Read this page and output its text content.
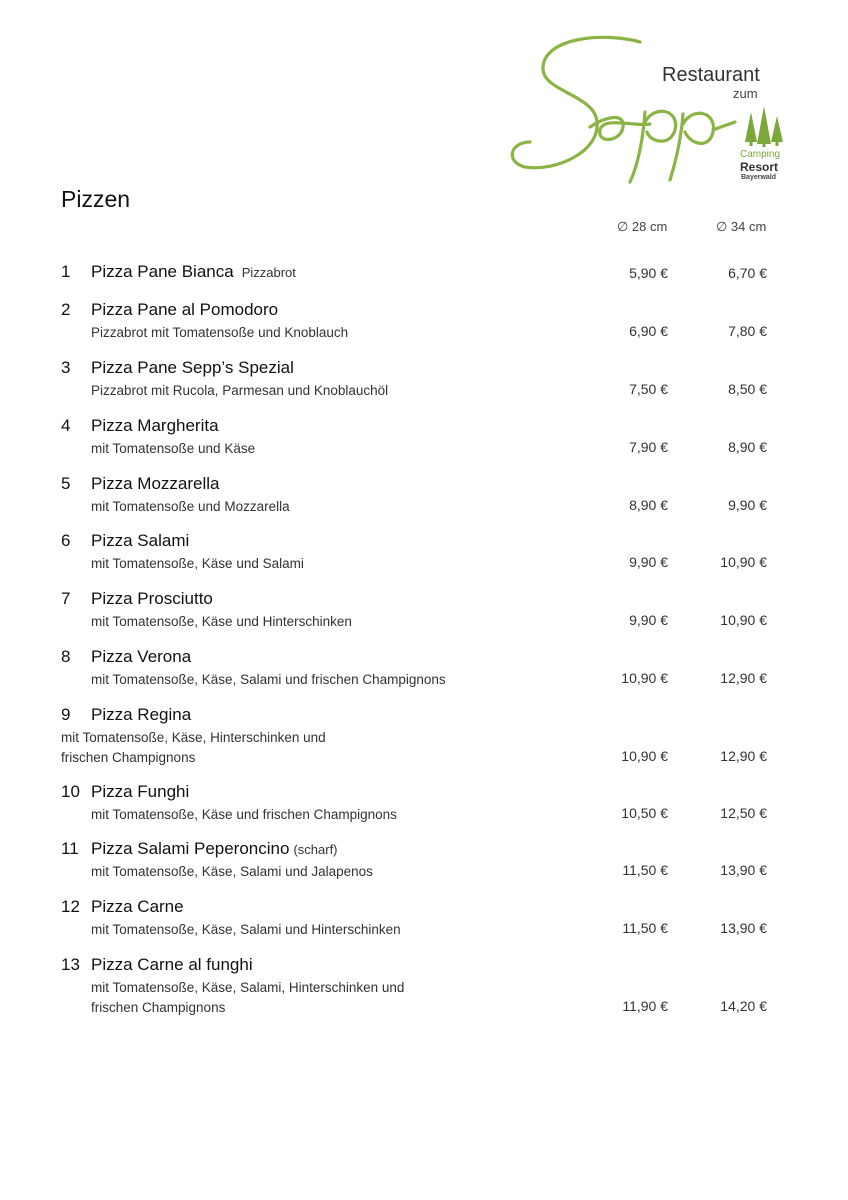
Restaurant
zum
Camping
Resort
Bayerwald
Pizzen
∅ 28 cm	∅ 34 cm
1 Pizza Pane Bianca Pizzabrot	5,90 €	6,70 €
2 Pizza Pane al Pomodoro
Pizzabrot mit Tomatensoße und Knoblauch	6,90 €	7,80 €
3 Pizza Pane Sepp’s Spezial
Pizzabrot mit Rucola, Parmesan und Knoblauchöl	7,50 €	8,50 €
4 Pizza Margherita
mit Tomatensoße und Käse	7,90 €	8,90 €
5 Pizza Mozzarella
mit Tomatensoße und Mozzarella	8,90 €	9,90 €
6 Pizza Salami
mit Tomatensoße, Käse und Salami	9,90 €	10,90 €
7 Pizza Prosciutto
mit Tomatensoße, Käse und Hinterschinken	9,90 €	10,90 €
8 Pizza Verona
mit Tomatensoße, Käse, Salami und frischen Champignons	10,90 €	12,90 €
9 Pizza Regina
mit Tomatensoße, Käse, Hinterschinken und
frischen Champignons	10,90 €	12,90 €
10 Pizza Funghi
mit Tomatensoße, Käse und frischen Champignons	10,50 €	12,50 €
11 Pizza Salami Peperoncino (scharf)
mit Tomatensoße, Käse, Salami und Jalapenos	11,50 €	13,90 €
12 Pizza Carne
mit Tomatensoße, Käse, Salami und Hinterschinken	11,50 €	13,90 €
13 Pizza Carne al funghi
mit Tomatensoße, Käse, Salami, Hinterschinken und
frischen Champignons	11,90 €	14,20 €
